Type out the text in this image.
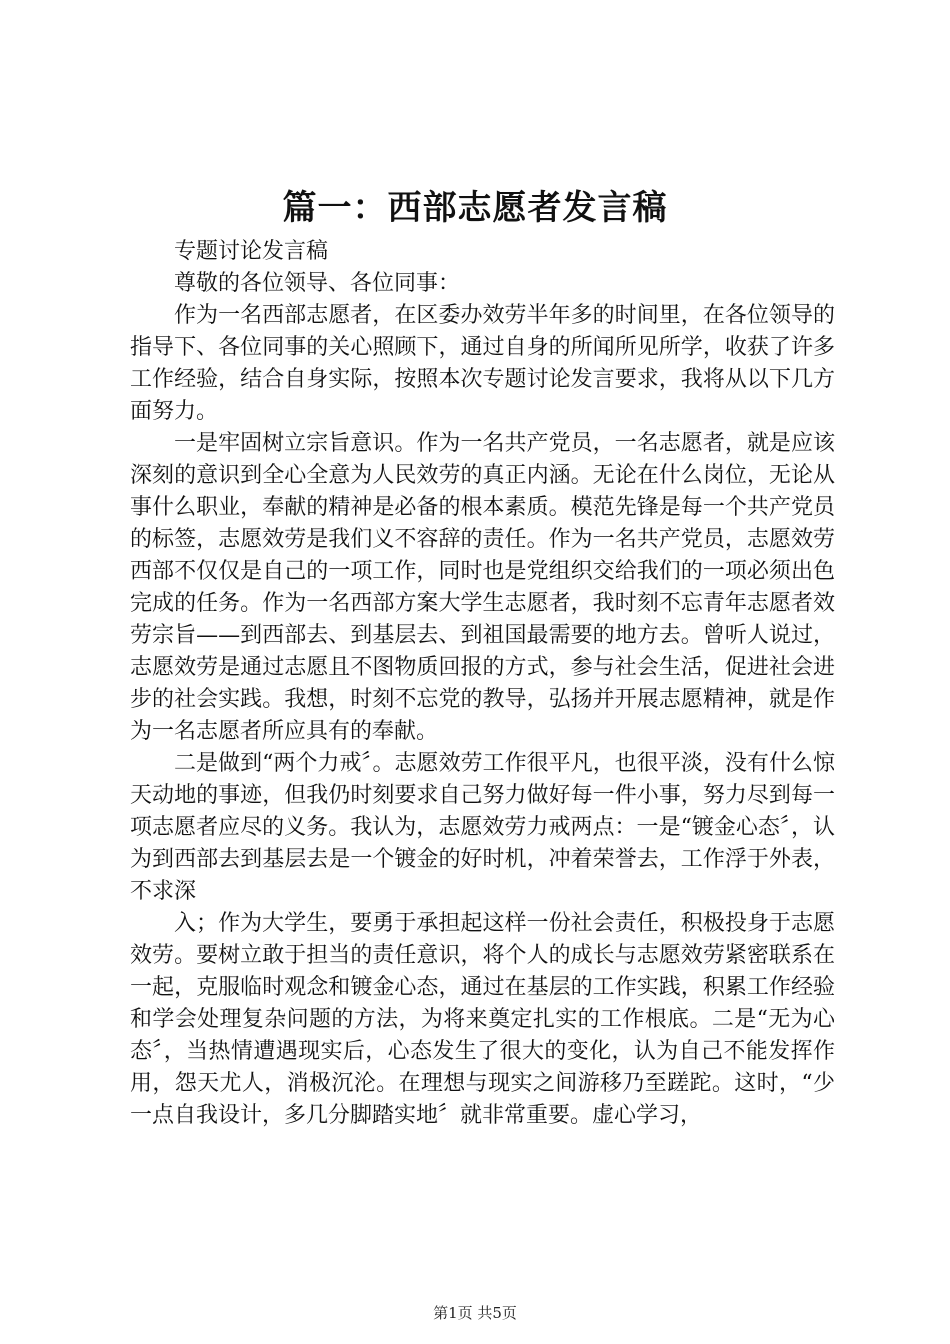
篇一：西部志愿者发言稿

专题讨论发言稿

尊敬的各位领导、各位同事：

作为一名西部志愿者，在区委办效劳半年多的时间里，在各位领导的指导下、各位同事的关心照顾下，通过自身的所闻所见所学，收获了许多工作经验，结合自身实际，按照本次专题讨论发言要求，我将从以下几方面努力。

一是牢固树立宗旨意识。作为一名共产党员，一名志愿者，就是应该深刻的意识到全心全意为人民效劳的真正内涵。无论在什么岗位，无论从事什么职业，奉献的精神是必备的根本素质。模范先锋是每一个共产党员的标签，志愿效劳是我们义不容辞的责任。作为一名共产党员，志愿效劳西部不仅仅是自己的一项工作，同时也是党组织交给我们的一项必须出色完成的任务。作为一名西部方案大学生志愿者，我时刻不忘青年志愿者效劳宗旨——到西部去、到基层去、到祖国最需要的地方去。曾听人说过，志愿效劳是通过志愿且不图物质回报的方式，参与社会生活，促进社会进步的社会实践。我想，时刻不忘党的教导，弘扬并开展志愿精神，就是作为一名志愿者所应具有的奉献。

二是做到“两个力戒〞。志愿效劳工作很平凡，也很平淡，没有什么惊天动地的事迹，但我仍时刻要求自己努力做好每一件小事，努力尽到每一项志愿者应尽的义务。我认为，志愿效劳力戒两点：一是“镀金心态〞，认为到西部去到基层去是一个镀金的好时机，冲着荣誉去，工作浮于外表，不求深

入；作为大学生，要勇于承担起这样一份社会责任，积极投身于志愿效劳。要树立敢于担当的责任意识，将个人的成长与志愿效劳紧密联系在一起，克服临时观念和镀金心态，通过在基层的工作实践，积累工作经验和学会处理复杂问题的方法，为将来奠定扎实的工作根底。二是“无为心态〞，当热情遭遇现实后，心态发生了很大的变化，认为自己不能发挥作用，怨天尤人，消极沉沦。在理想与现实之间游移乃至蹉跎。这时，“少一点自我设计，多几分脚踏实地〞就非常重要。虚心学习，

第1页 共5页
